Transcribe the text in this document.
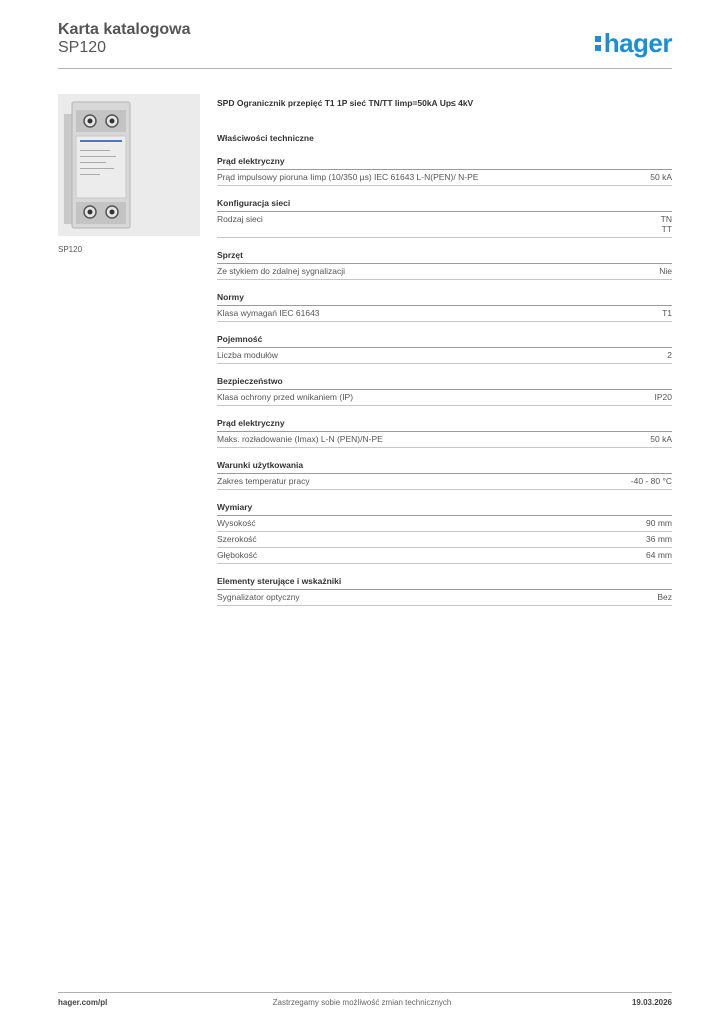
Karta katalogowa
SP120	hager
SP120
SPD Ogranicznik przepięć T1 1P sieć TN/TT Iimp=50kA Up≤ 4kV
Właściwości techniczne
Prąd elektryczny
Prąd impulsowy pioruna Iimp (10/350 µs) IEC 61643 L-N(PEN)/ N-PE	50 kA
Konfiguracja sieci
Rodzaj sieci	TN
TT
Sprzęt
Ze stykiem do zdalnej sygnalizacji	Nie
Normy
Klasa wymagań IEC 61643	T1
Pojemność
Liczba modułów	2
Bezpieczeństwo
Klasa ochrony przed wnikaniem (IP)	IP20
Prąd elektryczny
Maks. rozładowanie (Imax) L-N (PEN)/N-PE	50 kA
Warunki użytkowania
Zakres temperatur pracy	-40 - 80 °C
Wymiary
Wysokość	90 mm
Szerokość	36 mm
Głębokość	64 mm
Elementy sterujące i wskaźniki
Sygnalizator optyczny	Bez
hager.com/pl	Zastrzegamy sobie możliwość zmian technicznych	19.03.2026
